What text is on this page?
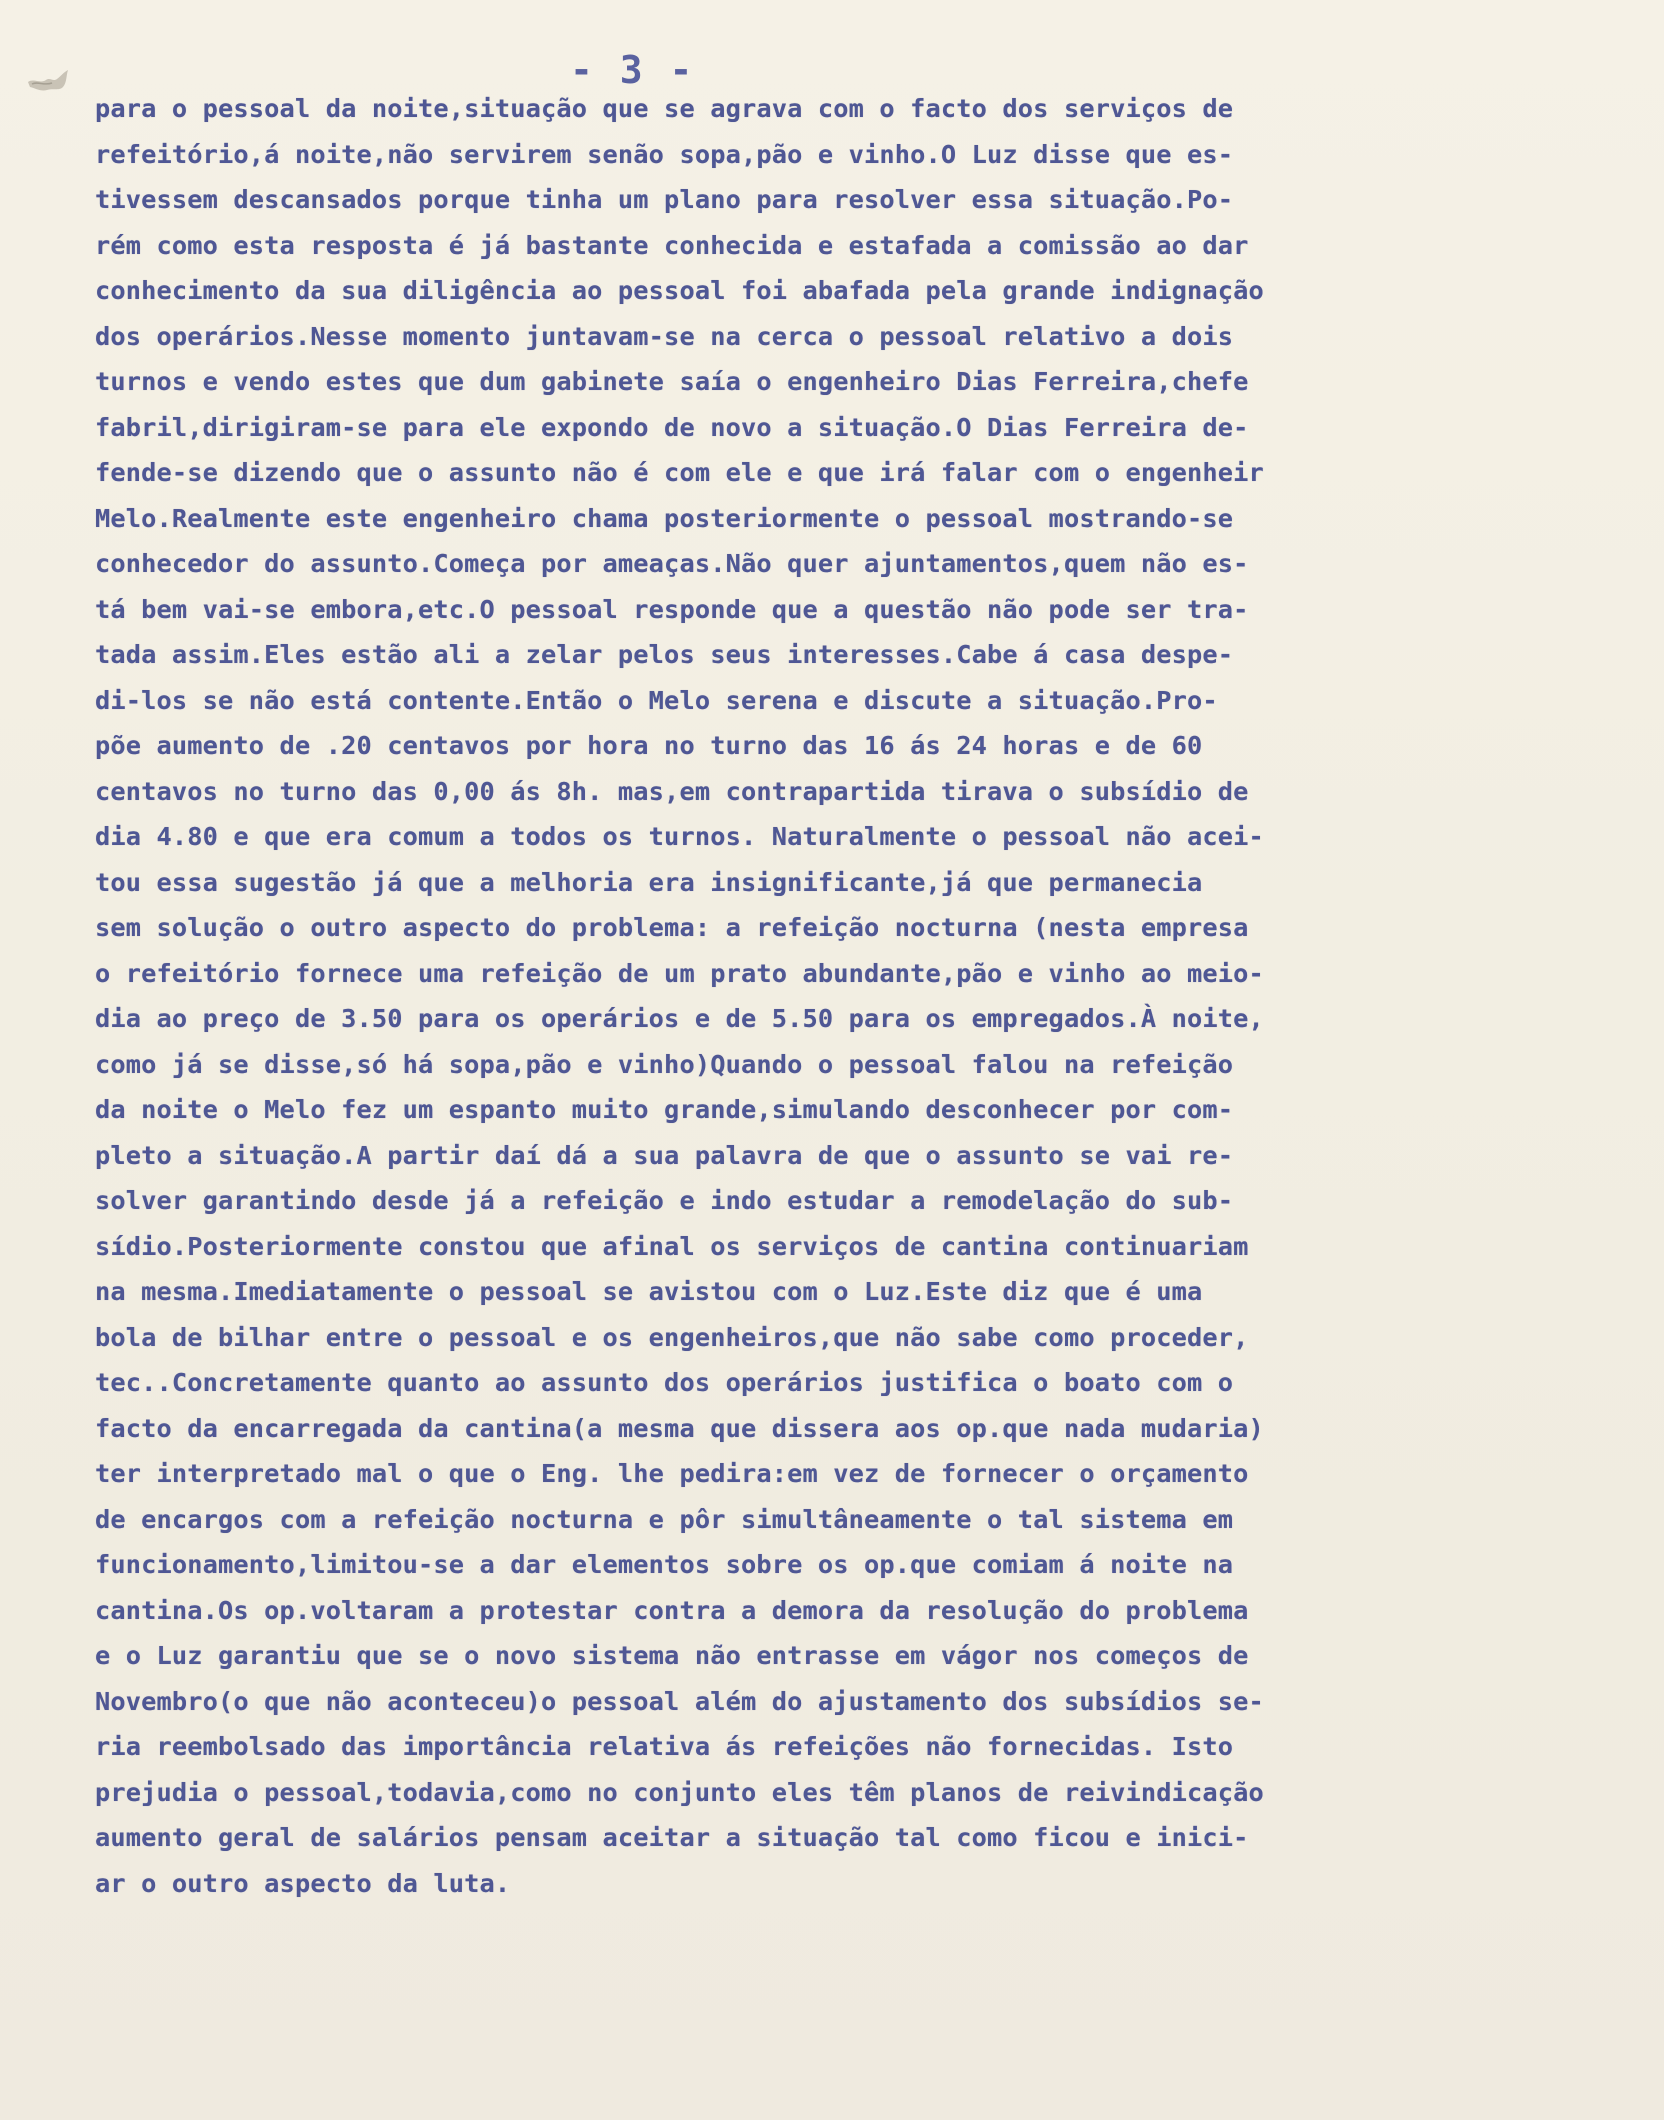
- 3 -
para o pessoal da noite,situação que se agrava com o facto dos serviços de
refeitório,á noite,não servirem senão sopa,pão e vinho.O Luz disse que es-
tivessem descansados porque tinha um plano para resolver essa situação.Po-
rém como esta resposta é já bastante conhecida e estafada a comissão ao dar
conhecimento da sua diligência ao pessoal foi abafada pela grande indignação
dos operários.Nesse momento juntavam-se na cerca o pessoal relativo a dois
turnos e vendo estes que dum gabinete saía o engenheiro Dias Ferreira,chefe
fabril,dirigiram-se para ele expondo de novo a situação.O Dias Ferreira de-
fende-se dizendo que o assunto não é com ele e que irá falar com o engenheir
Melo.Realmente este engenheiro chama posteriormente o pessoal mostrando-se
conhecedor do assunto.Começa por ameaças.Não quer ajuntamentos,quem não es-
tá bem vai-se embora,etc.O pessoal responde que a questão não pode ser tra-
tada assim.Eles estão ali a zelar pelos seus interesses.Cabe á casa despe-
di-los se não está contente.Então o Melo serena e discute a situação.Pro-
põe aumento de .20 centavos por hora no turno das 16 ás 24 horas e de 60
centavos no turno das 0,00 ás 8h. mas,em contrapartida tirava o subsídio de
dia 4.80 e que era comum a todos os turnos. Naturalmente o pessoal não acei-
tou essa sugestão já que a melhoria era insignificante,já que permanecia
sem solução o outro aspecto do problema: a refeição nocturna (nesta empresa
o refeitório fornece uma refeição de um prato abundante,pão e vinho ao meio-
dia ao preço de 3.50 para os operários e de 5.50 para os empregados.À noite,
como já se disse,só há sopa,pão e vinho)Quando o pessoal falou na refeição
da noite o Melo fez um espanto muito grande,simulando desconhecer por com-
pleto a situação.A partir daí dá a sua palavra de que o assunto se vai re-
solver garantindo desde já a refeição e indo estudar a remodelação do sub-
sídio.Posteriormente constou que afinal os serviços de cantina continuariam
na mesma.Imediatamente o pessoal se avistou com o Luz.Este diz que é uma
bola de bilhar entre o pessoal e os engenheiros,que não sabe como proceder,
tec..Concretamente quanto ao assunto dos operários justifica o boato com o
facto da encarregada da cantina(a mesma que dissera aos op.que nada mudaria)
ter interpretado mal o que o Eng. lhe pedira:em vez de fornecer o orçamento
de encargos com a refeição nocturna e pôr simultâneamente o tal sistema em
funcionamento,limitou-se a dar elementos sobre os op.que comiam á noite na
cantina.Os op.voltaram a protestar contra a demora da resolução do problema
e o Luz garantiu que se o novo sistema não entrasse em vágor nos começos de
Novembro(o que não aconteceu)o pessoal além do ajustamento dos subsídios se-
ria reembolsado das importância relativa ás refeições não fornecidas. Isto
prejudia o pessoal,todavia,como no conjunto eles têm planos de reivindicação
aumento geral de salários pensam aceitar a situação tal como ficou e inici-
ar o outro aspecto da luta.
